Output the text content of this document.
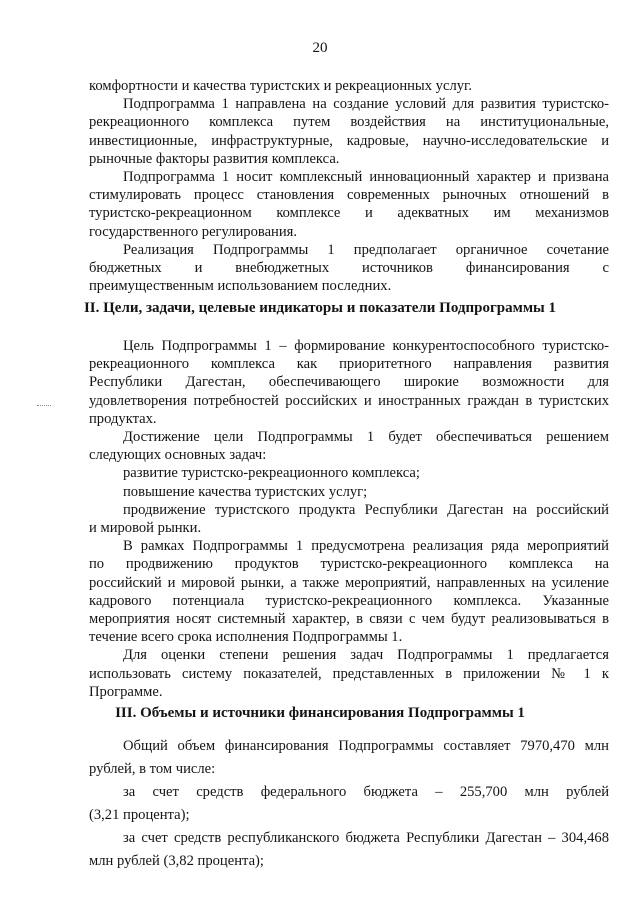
20
комфортности и качества туристских и рекреационных услуг.
Подпрограмма 1 направлена на создание условий для развития туристско-
рекреационного комплекса путем воздействия на институциональные,
инвестиционные, инфраструктурные, кадровые, научно-исследовательские и
рыночные факторы развития комплекса.
Подпрограмма 1 носит комплексный инновационный характер и призвана
стимулировать процесс становления современных рыночных отношений в
туристско-рекреационном комплексе и адекватных им механизмов
государственного регулирования.
Реализация Подпрограммы 1 предполагает органичное сочетание
бюджетных и внебюджетных источников финансирования с
преимущественным использованием последних.
II. Цели, задачи, целевые индикаторы и показатели Подпрограммы 1
Цель Подпрограммы 1 – формирование конкурентоспособного туристско-
рекреационного комплекса как приоритетного направления развития
Республики Дагестан, обеспечивающего широкие возможности для
удовлетворения потребностей российских и иностранных граждан в туристских
продуктах.
Достижение цели Подпрограммы 1 будет обеспечиваться решением
следующих основных задач:
развитие туристско-рекреационного комплекса;
повышение качества туристских услуг;
продвижение туристского продукта Республики Дагестан на российский
и мировой рынки.
В рамках Подпрограммы 1 предусмотрена реализация ряда мероприятий
по продвижению продуктов туристско-рекреационного комплекса на
российский и мировой рынки, а также мероприятий, направленных на усиление
кадрового потенциала туристско-рекреационного комплекса. Указанные
мероприятия носят системный характер, в связи с чем будут реализовываться в
течение всего срока исполнения Подпрограммы 1.
Для оценки степени решения задач Подпрограммы 1 предлагается
использовать систему показателей, представленных в приложении № 1 к
Программе.
III. Объемы и источники финансирования Подпрограммы 1
Общий объем финансирования Подпрограммы составляет 7970,470 млн
рублей, в том числе:
за счет средств федерального бюджета – 255,700 млн рублей
(3,21 процента);
за счет средств республиканского бюджета Республики Дагестан – 304,468
млн рублей (3,82 процента);
